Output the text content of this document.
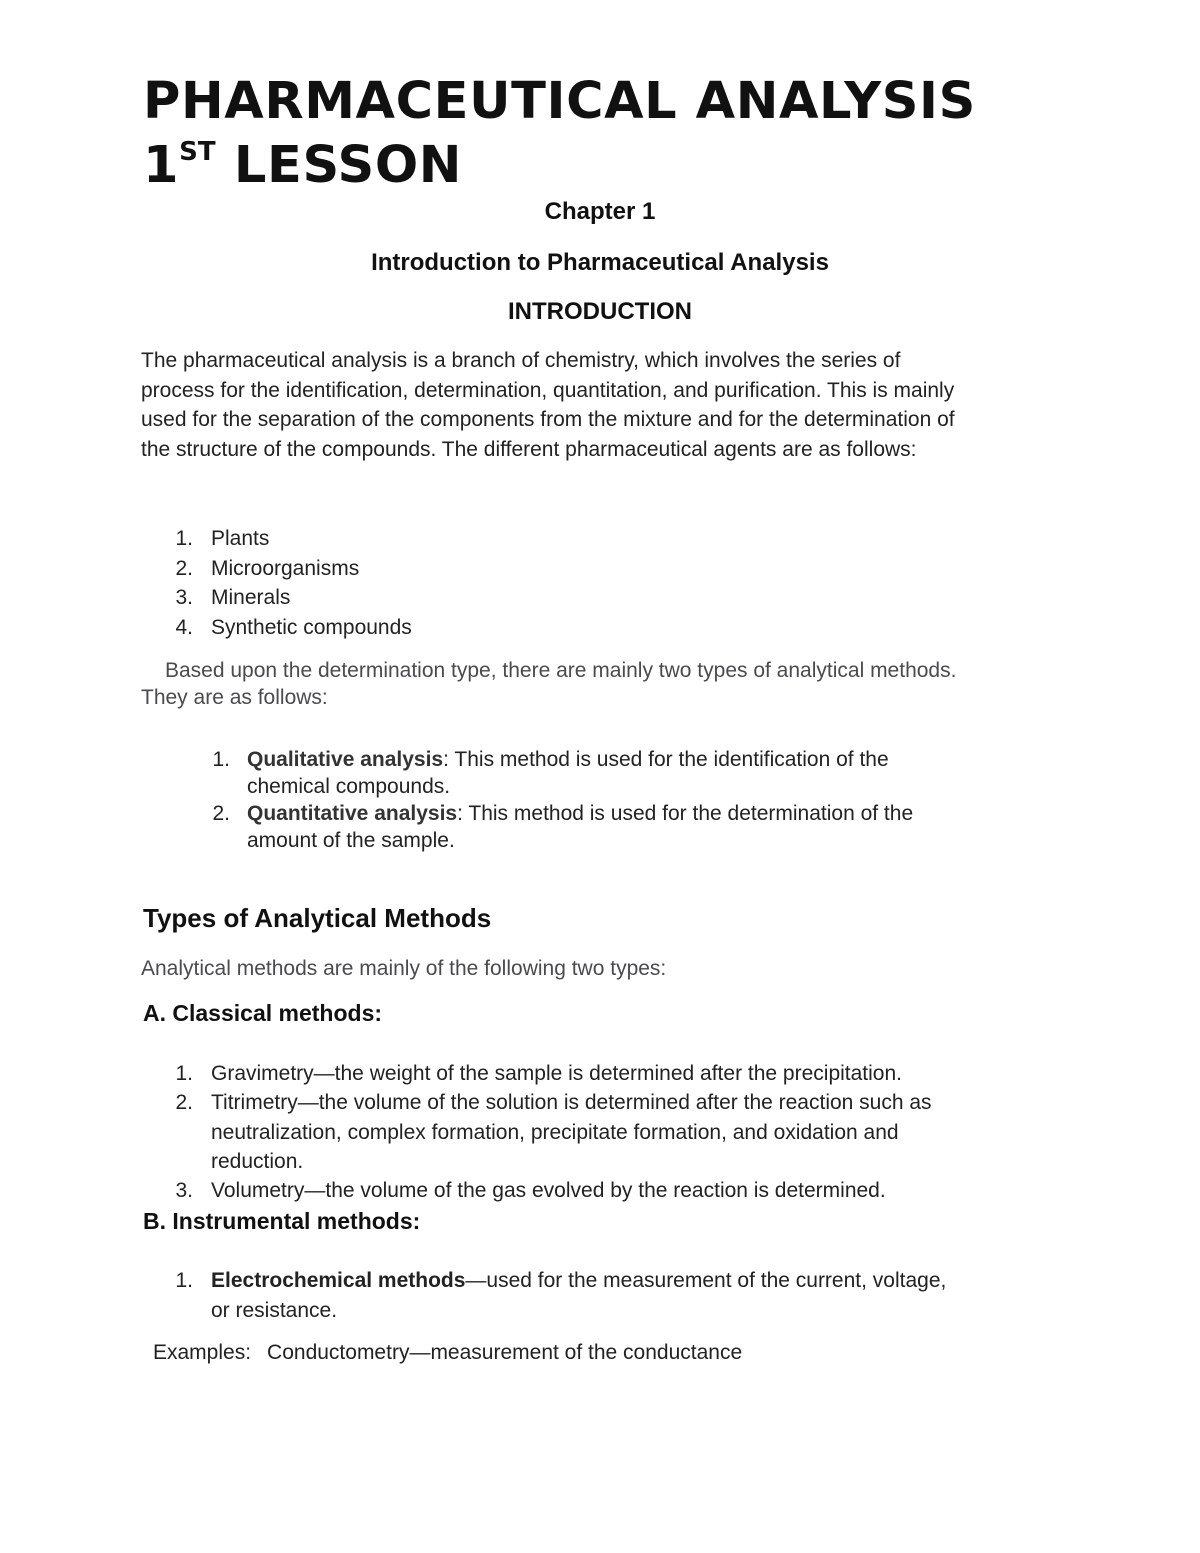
PHARMACEUTICAL ANALYSIS
1ST LESSON

Chapter 1

Introduction to Pharmaceutical Analysis

INTRODUCTION

The pharmaceutical analysis is a branch of chemistry, which involves the series of
process for the identification, determination, quantitation, and purification. This is mainly
used for the separation of the components from the mixture and for the determination of
the structure of the compounds. The different pharmaceutical agents are as follows:

1. Plants
2. Microorganisms
3. Minerals
4. Synthetic compounds

Based upon the determination type, there are mainly two types of analytical methods.
They are as follows:

1. Qualitative analysis: This method is used for the identification of the
chemical compounds.
2. Quantitative analysis: This method is used for the determination of the
amount of the sample.
Types of Analytical Methods

Analytical methods are mainly of the following two types:

A. Classical methods:
1. Gravimetry—the weight of the sample is determined after the precipitation.
2. Titrimetry—the volume of the solution is determined after the reaction such as
neutralization, complex formation, precipitate formation, and oxidation and
reduction.
3. Volumetry—the volume of the gas evolved by the reaction is determined.
B. Instrumental methods:
1. Electrochemical methods—used for the measurement of the current, voltage,
or resistance.

Examples: Conductometry—measurement of the conductance
